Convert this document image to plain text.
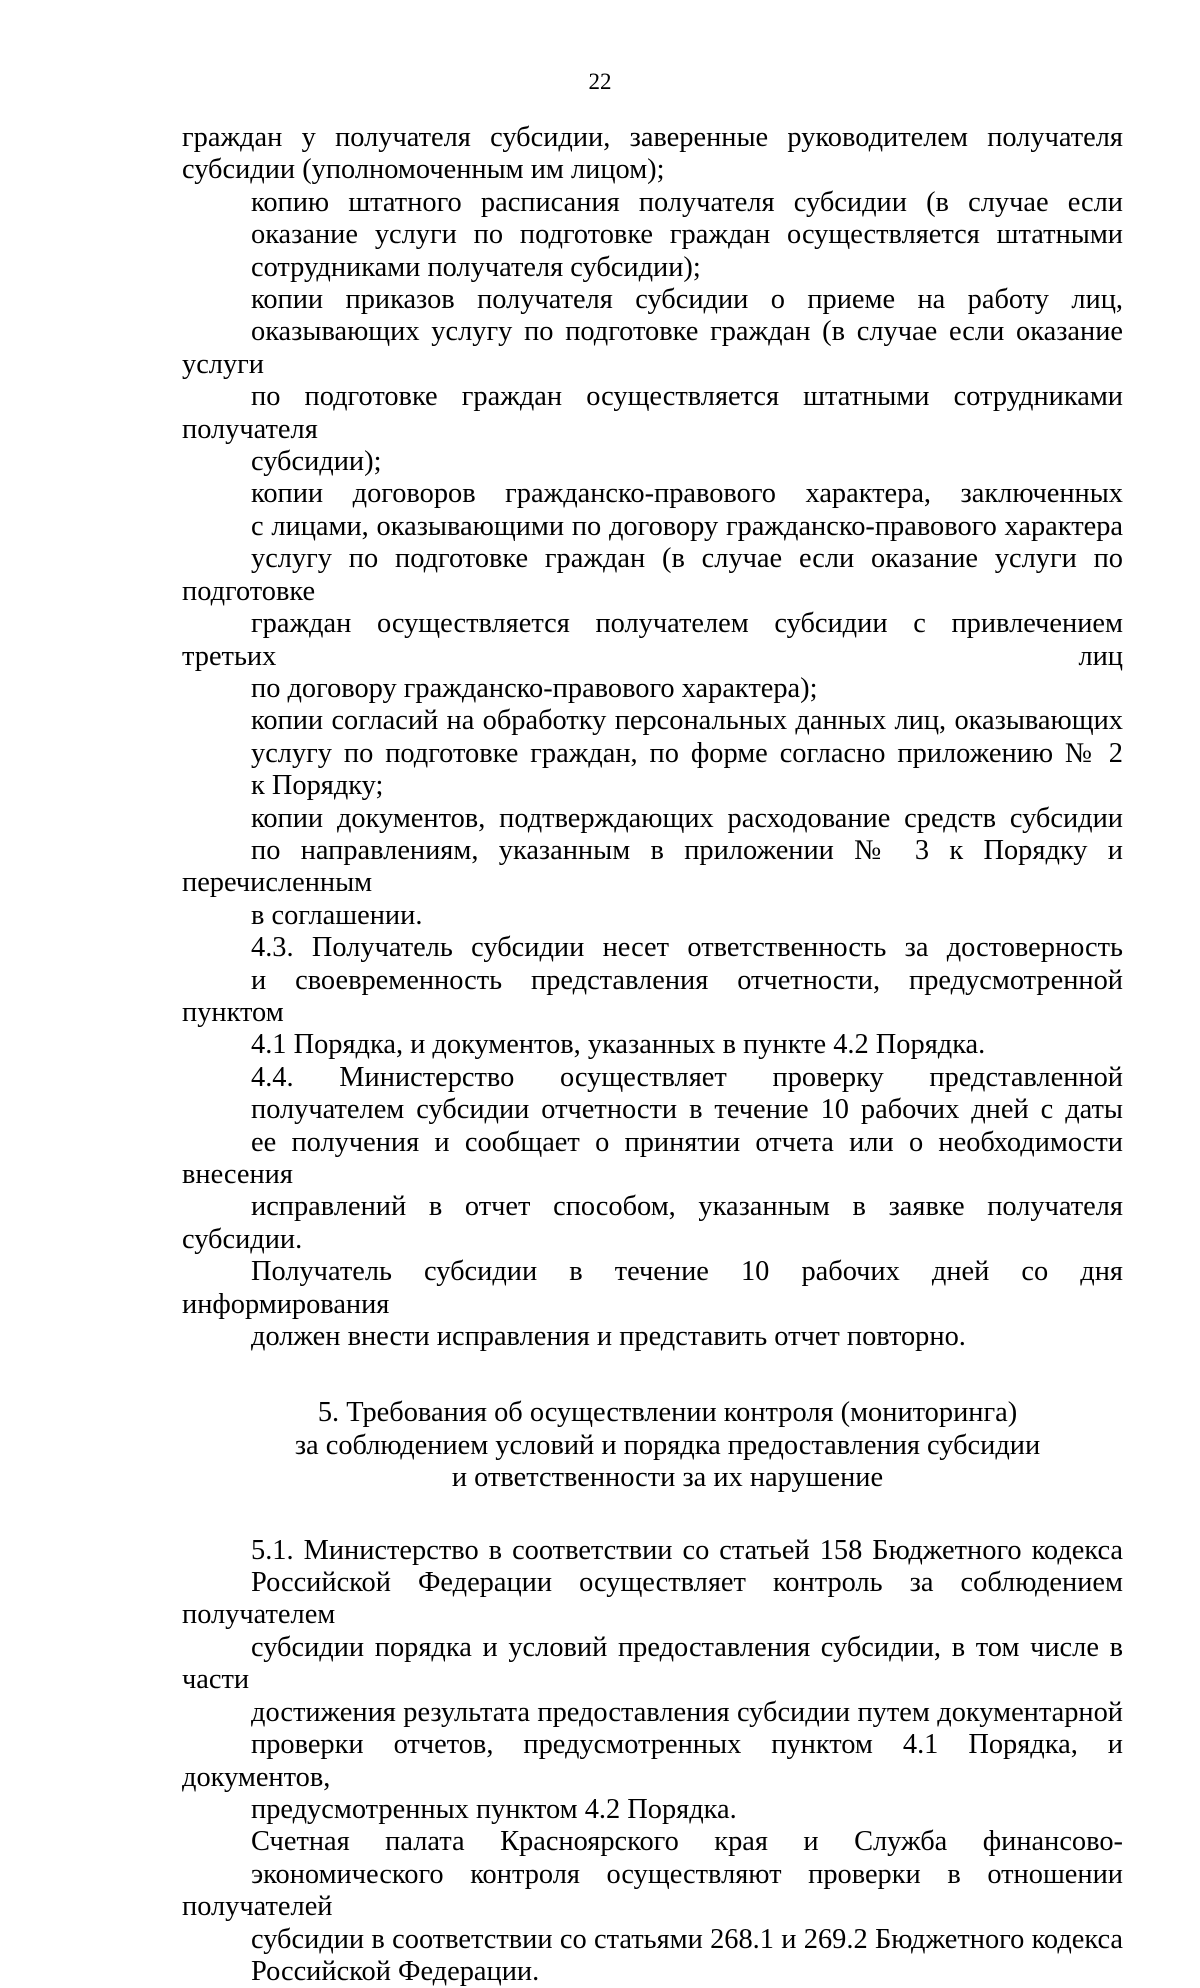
22

граждан у получателя субсидии, заверенные руководителем получателя
субсидии (уполномоченным им лицом);

копию штатного расписания получателя субсидии (в случае если
оказание услуги по подготовке граждан осуществляется штатными
сотрудниками получателя субсидии);

копии приказов получателя субсидии о приеме на работу лиц,
оказывающих услугу по подготовке граждан (в случае если оказание услуги
по подготовке граждан осуществляется штатными сотрудниками получателя
субсидии);

копии договоров гражданско-правового характера, заключенных
с лицами, оказывающими по договору гражданско-правового характера
услугу по подготовке граждан (в случае если оказание услуги по подготовке
граждан осуществляется получателем субсидии с привлечением третьих лиц
по договору гражданско-правового характера);

копии согласий на обработку персональных данных лиц, оказывающих
услугу по подготовке граждан, по форме согласно приложению № 2
к Порядку;

копии документов, подтверждающих расходование средств субсидии
по направлениям, указанным в приложении № 3 к Порядку и перечисленным
в соглашении.

4.3. Получатель субсидии несет ответственность за достоверность
и своевременность представления отчетности, предусмотренной пунктом
4.1 Порядка, и документов, указанных в пункте 4.2 Порядка.

4.4. Министерство осуществляет проверку представленной
получателем субсидии отчетности в течение 10 рабочих дней с даты
ее получения и сообщает о принятии отчета или о необходимости внесения
исправлений в отчет способом, указанным в заявке получателя субсидии.

Получатель субсидии в течение 10 рабочих дней со дня информирования
должен внести исправления и представить отчет повторно.

5. Требования об осуществлении контроля (мониторинга)
за соблюдением условий и порядка предоставления субсидии
и ответственности за их нарушение

5.1. Министерство в соответствии со статьей 158 Бюджетного кодекса
Российской Федерации осуществляет контроль за соблюдением получателем
субсидии порядка и условий предоставления субсидии, в том числе в части
достижения результата предоставления субсидии путем документарной
проверки отчетов, предусмотренных пунктом 4.1 Порядка, и документов,
предусмотренных пунктом 4.2 Порядка.

Счетная палата Красноярского края и Служба финансово-
экономического контроля осуществляют проверки в отношении получателей
субсидии в соответствии со статьями 268.1 и 269.2 Бюджетного кодекса
Российской Федерации.
